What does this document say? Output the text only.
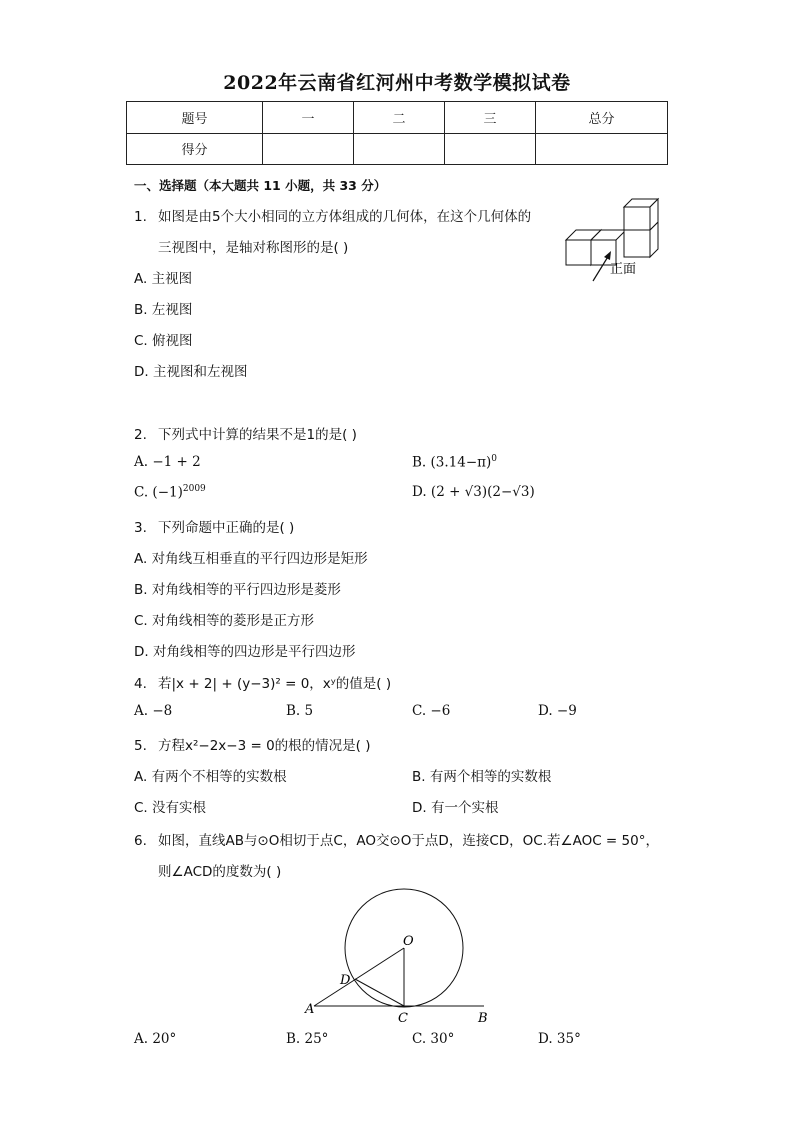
2022年云南省红河州中考数学模拟试卷
题号	一	二	三	总分
得分				
一、选择题（本大题共 11 小题，共 33 分）
1. 如图是由5个大小相同的立方体组成的几何体，在这个几何体的
三视图中，是轴对称图形的是( )
正面
A. 主视图
B. 左视图
C. 俯视图
D. 主视图和左视图
2. 下列式中计算的结果不是1的是( )
A. −1 + 2	B. $(3.14-\pi)^0$
C. $(-1)^{2009}$	D. (2 + √3)(2−√3)
3. 下列命题中正确的是( )
A. 对角线互相垂直的平行四边形是矩形
B. 对角线相等的平行四边形是菱形
C. 对角线相等的菱形是正方形
D. 对角线相等的四边形是平行四边形
4. 若|x + 2| + (y−3)² = 0，xʸ的值是( )
A. −8	B. 5	C. −6	D. −9
5. 方程x²−2x−3 = 0的根的情况是( )
A. 有两个不相等的实数根	B. 有两个相等的实数根
C. 没有实根	D. 有一个实根
6. 如图，直线AB与⊙O相切于点C，AO交⊙O于点D，连接CD，OC.若∠AOC = 50°，
则∠ACD的度数为( )
O
D
A
C	B
A. 20°	B. 25°	C. 30°	D. 35°
